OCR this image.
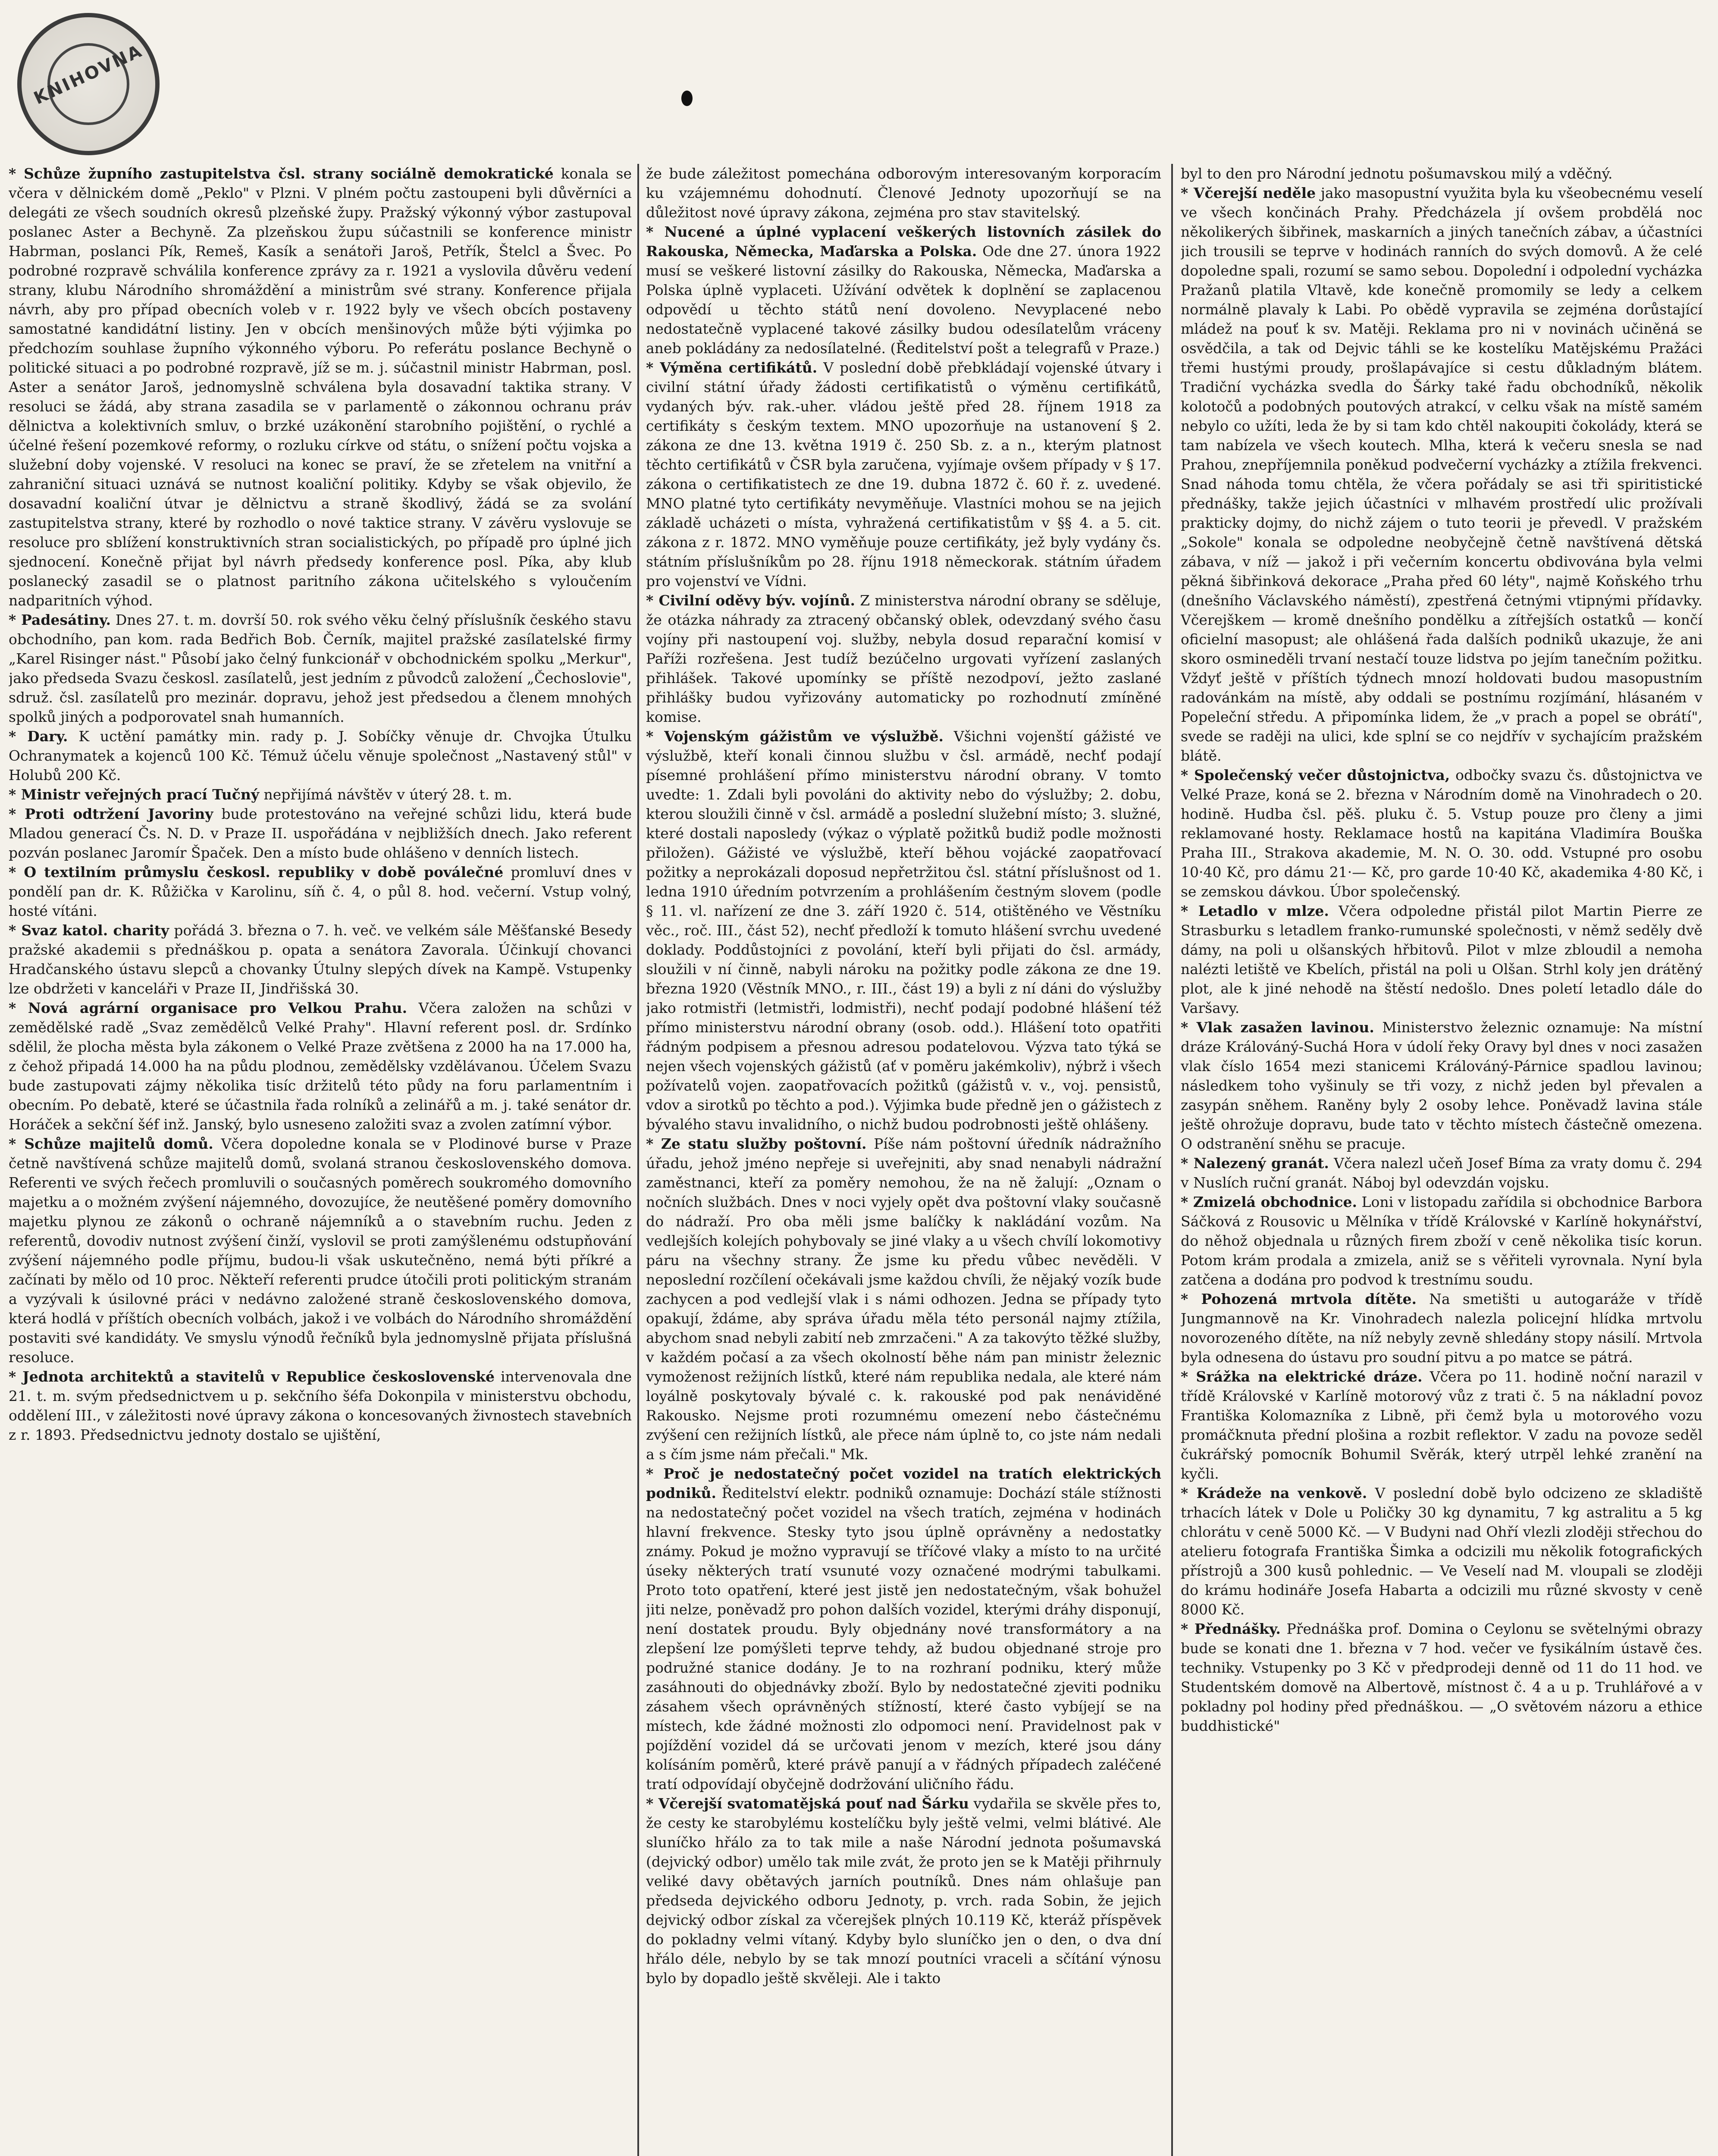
KNIHOVNA

* Schůze župního zastupitelstva čsl. strany sociálně demokratické konala se včera v dělnickém domě „Peklo" v Plzni. V plném počtu zastoupeni byli důvěrníci a delegáti ze všech soudních okresů plzeňské župy. Pražský výkonný výbor zastupoval poslanec Aster a Bechyně. Za plzeňskou župu súčastnili se konference ministr Habrman, poslanci Pík, Remeš, Kasík a senátoři Jaroš, Petřík, Štelcl a Švec. Po podrobné rozpravě schválila konference zprávy za r. 1921 a vyslovila důvěru vedení strany, klubu Národního shromáždění a ministrům své strany. Konference přijala návrh, aby pro případ obecních voleb v r. 1922 byly ve všech obcích postaveny samostatné kandidátní listiny. Jen v obcích menšinových může býti výjimka po předchozím souhlase župního výkonného výboru. Po referátu poslance Bechyně o politické situaci a po podrobné rozpravě, jíž se m. j. súčastnil ministr Habrman, posl. Aster a senátor Jaroš, jednomyslně schválena byla dosavadní taktika strany. V resoluci se žádá, aby strana zasadila se v parlamentě o zákonnou ochranu práv dělnictva a kolektivních smluv, o brzké uzákonění starobního pojištění, o rychlé a účelné řešení pozemkové reformy, o rozluku církve od státu, o snížení počtu vojska a služební doby vojenské. V resoluci na konec se praví, že se zřetelem na vnitřní a zahraniční situaci uznává se nutnost koaliční politiky. Kdyby se však objevilo, že dosavadní koaliční útvar je dělnictvu a straně škodlivý, žádá se za svolání zastupitelstva strany, které by rozhodlo o nové taktice strany. V závěru vyslovuje se resoluce pro sblížení konstruktivních stran socialistických, po případě pro úplné jich sjednocení. Konečně přijat byl návrh předsedy konference posl. Píka, aby klub poslanecký zasadil se o platnost paritního zákona učitelského s vyloučením nadparitních výhod.

* Padesátiny. Dnes 27. t. m. dovrší 50. rok svého věku čelný příslušník českého stavu obchodního, pan kom. rada Bedřich Bob. Černík, majitel pražské zasílatelské firmy „Karel Risinger nást." Působí jako čelný funkcionář v obchodnickém spolku „Merkur", jako předseda Svazu českosl. zasílatelů, jest jedním z původců založení „Čechoslovie", sdruž. čsl. zasílatelů pro mezinár. dopravu, jehož jest předsedou a členem mnohých spolků jiných a podporovatel snah humanních.

* Dary. K uctění památky min. rady p. J. Sobíčky věnuje dr. Chvojka Útulku Ochranymatek a kojenců 100 Kč. Témuž účelu věnuje společnost „Nastavený stůl" v Holubů 200 Kč.

* Ministr veřejných prací Tučný nepřijímá návštěv v úterý 28. t. m.

* Proti odtržení Javoriny bude protestováno na veřejné schůzi lidu, která bude Mladou generací Čs. N. D. v Praze II. uspořádána v nejbližších dnech. Jako referent pozván poslanec Jaromír Špaček. Den a místo bude ohlášeno v denních listech.

* O textilním průmyslu českosl. republiky v době poválečné promluví dnes v pondělí pan dr. K. Růžička v Karolinu, síň č. 4, o půl 8. hod. večerní. Vstup volný, hosté vítáni.

* Svaz katol. charity pořádá 3. března o 7. h. več. ve velkém sále Měšťanské Besedy pražské akademii s přednáškou p. opata a senátora Zavorala. Účinkují chovanci Hradčanského ústavu slepců a chovanky Útulny slepých dívek na Kampě. Vstupenky lze obdržeti v kanceláři v Praze II, Jindřišská 30.

* Nová agrární organisace pro Velkou Prahu. Včera založen na schůzi v zemědělské radě „Svaz zemědělců Velké Prahy". Hlavní referent posl. dr. Srdínko sdělil, že plocha města byla zákonem o Velké Praze zvětšena z 2000 ha na 17.000 ha, z čehož připadá 14.000 ha na půdu plodnou, zemědělsky vzdělávanou. Účelem Svazu bude zastupovati zájmy několika tisíc držitelů této půdy na foru parlamentním i obecním. Po debatě, které se účastnila řada rolníků a zelinářů a m. j. také senátor dr. Horáček a sekční šéf inž. Janský, bylo usneseno založiti svaz a zvolen zatímní výbor.

* Schůze majitelů domů. Včera dopoledne konala se v Plodinové burse v Praze četně navštívená schůze majitelů domů, svolaná stranou československého domova. Referenti ve svých řečech promluvili o současných poměrech soukromého domovního majetku a o možném zvýšení nájemného, dovozujíce, že neutěšené poměry domovního majetku plynou ze zákonů o ochraně nájemníků a o stavebním ruchu. Jeden z referentů, dovodiv nutnost zvýšení činží, vyslovil se proti zamýšlenému odstupňování zvýšení nájemného podle příjmu, budou-li však uskutečněno, nemá býti příkré a začínati by mělo od 10 proc. Někteří referenti prudce útočili proti politickým stranám a vyzývali k úsilovné práci v nedávno založené straně československého domova, která hodlá v příštích obecních volbách, jakož i ve volbách do Národního shromáždění postaviti své kandidáty. Ve smyslu výnodů řečníků byla jednomyslně přijata příslušná resoluce.

* Jednota architektů a stavitelů v Republice československé intervenovala dne 21. t. m. svým předsednictvem u p. sekčního šéfa Dokonpila v ministerstvu obchodu, oddělení III., v záležitosti nové úpravy zákona o koncesovaných živnostech stavebních z r. 1893. Předsednictvu jednoty dostalo se ujištění,

že bude záležitost pomechána odborovým interesovaným korporacím ku vzájemnému dohodnutí. Členové Jednoty upozorňují se na důležitost nové úpravy zákona, zejména pro stav stavitelský.

* Nucené a úplné vyplacení veškerých listovních zásilek do Rakouska, Německa, Maďarska a Polska. Ode dne 27. února 1922 musí se veškeré listovní zásilky do Rakouska, Německa, Maďarska a Polska úplně vyplaceti. Užívání odvětek k doplnění se zaplacenou odpovědí u těchto států není dovoleno. Nevyplacené nebo nedostatečně vyplacené takové zásilky budou odesílatelům vráceny aneb pokládány za nedosílatelné. (Ředitelství pošt a telegrafů v Praze.)

* Výměna certifikátů. V poslední době přebkládají vojenské útvary i civilní státní úřady žádosti certifikatistů o výměnu certifikátů, vydaných býv. rak.-uher. vládou ještě před 28. říjnem 1918 za certifikáty s českým textem. MNO upozorňuje na ustanovení § 2. zákona ze dne 13. května 1919 č. 250 Sb. z. a n., kterým platnost těchto certifikátů v ČSR byla zaručena, vyjímaje ovšem případy v § 17. zákona o certifikatistech ze dne 19. dubna 1872 č. 60 ř. z. uvedené. MNO platné tyto certifikáty nevyměňuje. Vlastníci mohou se na jejich základě ucházeti o místa, vyhražená certifikatistům v §§ 4. a 5. cit. zákona z r. 1872. MNO vyměňuje pouze certifikáty, jež byly vydány čs. státním příslušníkům po 28. říjnu 1918 německorak. státním úřadem pro vojenství ve Vídni.

* Civilní oděvy býv. vojínů. Z ministerstva národní obrany se sděluje, že otázka náhrady za ztracený občanský oblek, odevzdaný svého času vojíny při nastoupení voj. služby, nebyla dosud reparační komisí v Paříži rozřešena. Jest tudíž bezúčelno urgovati vyřízení zaslaných přihlášek. Takové upomínky se příště nezodpoví, ježto zaslané přihlášky budou vyřizovány automaticky po rozhodnutí zmíněné komise.

* Vojenským gážistům ve výslužbě. Všichni vojenští gážisté ve výslužbě, kteří konali činnou službu v čsl. armádě, nechť podají písemné prohlášení přímo ministerstvu národní obrany. V tomto uvedte: 1. Zdali byli povoláni do aktivity nebo do výslužby; 2. dobu, kterou sloužili činně v čsl. armádě a poslední služební místo; 3. služné, které dostali naposledy (výkaz o výplatě požitků budiž podle možnosti přiložen). Gážisté ve výslužbě, kteří běhou vojácké zaopatřovací požitky a neprokázali doposud nepřetržitou čsl. státní příslušnost od 1. ledna 1910 úředním potvrzením a prohlášením čestným slovem (podle § 11. vl. nařízení ze dne 3. září 1920 č. 514, otištěného ve Věstníku věc., roč. III., část 52), nechť předloží k tomuto hlášení svrchu uvedené doklady. Poddůstojníci z povolání, kteří byli přijati do čsl. armády, sloužili v ní činně, nabyli nároku na požitky podle zákona ze dne 19. března 1920 (Věstník MNO., r. III., část 19) a byli z ní dáni do výslužby jako rotmistři (letmistři, lodmistři), nechť podají podobné hlášení též přímo ministerstvu národní obrany (osob. odd.). Hlášení toto opatřiti řádným podpisem a přesnou adresou podatelovou. Výzva tato týká se nejen všech vojenských gážistů (ať v poměru jakémkoliv), nýbrž i všech požívatelů vojen. zaopatřovacích požitků (gážistů v. v., voj. pensistů, vdov a sirotků po těchto a pod.). Výjimka bude předně jen o gážistech z bývalého stavu invalidního, o nichž budou podrobnosti ještě ohlášeny.

* Ze statu služby poštovní. Píše nám poštovní úředník nádražního úřadu, jehož jméno nepřeje si uveřejniti, aby snad nenabyli nádražní zaměstnanci, kteří za poměry nemohou, že na ně žalují: „Oznam o nočních službách. Dnes v noci vyjely opět dva poštovní vlaky současně do nádraží. Pro oba měli jsme balíčky k nakládání vozům. Na vedlejších kolejích pohybovaly se jiné vlaky a u všech chvílí lokomotivy páru na všechny strany. Že jsme ku předu vůbec nevěděli. V neposlední rozčílení očekávali jsme každou chvíli, že nějaký vozík bude zachycen a pod vedlejší vlak i s námi odhozen. Jedna se případy tyto opakují, ždáme, aby správa úřadu měla této personál najmy ztížila, abychom snad nebyli zabití neb zmrzačeni." A za takovýto těžké služby, v každém počasí a za všech okolností běhe nám pan ministr železnic vymoženost režijních lístků, které nám republika nedala, ale které nám loyálně poskytovaly bývalé c. k. rakouské pod pak nenáviděné Rakousko. Nejsme proti rozumnému omezení nebo částečnému zvýšení cen režijních lístků, ale přece nám úplně to, co jste nám nedali a s čím jsme nám přečali." Mk.

* Proč je nedostatečný počet vozidel na tratích elektrických podniků. Ředitelství elektr. podniků oznamuje: Dochází stále stížnosti na nedostatečný počet vozidel na všech tratích, zejména v hodinách hlavní frekvence. Stesky tyto jsou úplně oprávněny a nedostatky známy. Pokud je možno vypravují se tříčové vlaky a místo to na určité úseky některých tratí vsunuté vozy označené modrými tabulkami. Proto toto opatření, které jest jistě jen nedostatečným, však bohužel jiti nelze, poněvadž pro pohon dalších vozidel, kterými dráhy disponují, není dostatek proudu. Byly objednány nové transformátory a na zlepšení lze pomýšleti teprve tehdy, až budou objednané stroje pro podružné stanice dodány. Je to na rozhraní podniku, který může zasáhnouti do objednávky zboží. Bylo by nedostatečné zjeviti podniku zásahem všech oprávněných stížností, které často vybíjejí se na místech, kde žádné možnosti zlo odpomoci není. Pravidelnost pak v pojíždění vozidel dá se určovati jenom v mezích, které jsou dány kolísáním poměrů, které právě panují a v řádných případech zaléčené tratí odpovídají obyčejně dodržování uličního řádu.

* Včerejší svatomatějská pouť nad Šárku vydařila se skvěle přes to, že cesty ke starobylému kostelíčku byly ještě velmi, velmi blátivé. Ale sluníčko hřálo za to tak mile a naše Národní jednota pošumavská (dejvický odbor) umělo tak mile zvát, že proto jen se k Matěji přihrnuly veliké davy obětavých jarních poutníků. Dnes nám ohlašuje pan předseda dejvického odboru Jednoty, p. vrch. rada Sobin, že jejich dejvický odbor získal za včerejšek plných 10.119 Kč, kteráž příspěvek do pokladny velmi vítaný. Kdyby bylo sluníčko jen o den, o dva dní hřálo déle, nebylo by se tak mnozí poutníci vraceli a sčítání výnosu bylo by dopadlo ještě skvěleji. Ale i takto

byl to den pro Národní jednotu pošumavskou milý a vděčný.

* Včerejší neděle jako masopustní využita byla ku všeobecnému veselí ve všech končinách Prahy. Předcházela jí ovšem probdělá noc několikerých šibřinek, maskarních a jiných tanečních zábav, a účastníci jich trousili se teprve v hodinách ranních do svých domovů. A že celé dopoledne spali, rozumí se samo sebou. Dopolední i odpolední vycházka Pražanů platila Vltavě, kde konečně promomily se ledy a celkem normálně plavaly k Labi. Po obědě vypravila se zejména dorůstající mládež na pouť k sv. Matěji. Reklama pro ni v novinách učiněná se osvědčila, a tak od Dejvic táhli se ke kostelíku Matějskému Pražáci třemi hustými proudy, prošlapávajíce si cestu důkladným blátem. Tradiční vycházka svedla do Šárky také řadu obchodníků, několik kolotočů a podobných poutových atrakcí, v celku však na místě samém nebylo co užíti, leda že by si tam kdo chtěl nakoupiti čokolády, která se tam nabízela ve všech koutech. Mlha, která k večeru snesla se nad Prahou, znepříjemnila poněkud podvečerní vycházky a ztížila frekvenci. Snad náhoda tomu chtěla, že včera pořádaly se asi tři spiritistické přednášky, takže jejich účastníci v mlhavém prostředí ulic prožívali prakticky dojmy, do nichž zájem o tuto teorii je převedl. V pražském „Sokole" konala se odpoledne neobyčejně četně navštívená dětská zábava, v níž — jakož i při večerním koncertu obdivována byla velmi pěkná šibřinková dekorace „Praha před 60 léty", najmě Koňského trhu (dnešního Václavského náměstí), zpestřená četnými vtipnými přídavky. Včerejškem — kromě dnešního pondělku a zítřejších ostatků — končí oficielní masopust; ale ohlášená řada dalších podniků ukazuje, že ani skoro osmineděli trvaní nestačí touze lidstva po jejím tanečním požitku. Vždyť ještě v příštích týdnech mnozí holdovati budou masopustním radovánkám na místě, aby oddali se postnímu rozjímání, hlásaném v Popeleční středu. A připomínka lidem, že „v prach a popel se obrátí", svede se raději na ulici, kde splní se co nejdřív v sychajícím pražském blátě.

* Společenský večer důstojnictva, odbočky svazu čs. důstojnictva ve Velké Praze, koná se 2. března v Národním domě na Vinohradech o 20. hodině. Hudba čsl. pěš. pluku č. 5. Vstup pouze pro členy a jimi reklamované hosty. Reklamace hostů na kapitána Vladimíra Bouška Praha III., Strakova akademie, M. N. O. 30. odd. Vstupné pro osobu 10·40 Kč, pro dámu 21·— Kč, pro garde 10·40 Kč, akademika 4·80 Kč, i se zemskou dávkou. Úbor společenský.

* Letadlo v mlze. Včera odpoledne přistál pilot Martin Pierre ze Strasburku s letadlem franko-rumunské společnosti, v němž seděly dvě dámy, na poli u olšanských hřbitovů. Pilot v mlze zbloudil a nemoha nalézti letiště ve Kbelích, přistál na poli u Olšan. Strhl koly jen drátěný plot, ale k jiné nehodě na štěstí nedošlo. Dnes poletí letadlo dále do Varšavy.

* Vlak zasažen lavinou. Ministerstvo železnic oznamuje: Na místní dráze Králováný-Suchá Hora v údolí řeky Oravy byl dnes v noci zasažen vlak číslo 1654 mezi stanicemi Králováný-Párnice spadlou lavinou; následkem toho vyšinuly se tři vozy, z nichž jeden byl převalen a zasypán sněhem. Raněny byly 2 osoby lehce. Poněvadž lavina stále ještě ohrožuje dopravu, bude tato v těchto místech částečně omezena. O odstranění sněhu se pracuje.

* Nalezený granát. Včera nalezl učeň Josef Bíma za vraty domu č. 294 v Nuslích ruční granát. Náboj byl odevzdán vojsku.

* Zmizelá obchodnice. Loni v listopadu zařídila si obchodnice Barbora Sáčková z Rousovic u Mělníka v třídě Královské v Karlíně hokynářství, do něhož objednala u různých firem zboží v ceně několika tisíc korun. Potom krám prodala a zmizela, aniž se s věřiteli vyrovnala. Nyní byla zatčena a dodána pro podvod k trestnímu soudu.

* Pohozená mrtvola dítěte. Na smetišti u autogaráže v třídě Jungmannově na Kr. Vinohradech nalezla policejní hlídka mrtvolu novorozeného dítěte, na níž nebyly zevně shledány stopy násilí. Mrtvola byla odnesena do ústavu pro soudní pitvu a po matce se pátrá.

* Srážka na elektrické dráze. Včera po 11. hodině noční narazil v třídě Královské v Karlíně motorový vůz z trati č. 5 na nákladní povoz Františka Kolomazníka z Libně, při čemž byla u motorového vozu promáčknuta přední plošina a rozbit reflektor. V zadu na povoze seděl čukrářský pomocník Bohumil Svěrák, který utrpěl lehké zranění na kyčli.

* Krádeže na venkově. V poslední době bylo odcizeno ze skladiště trhacích látek v Dole u Poličky 30 kg dynamitu, 7 kg astralitu a 5 kg chlorátu v ceně 5000 Kč. — V Budyni nad Ohří vlezli zloději střechou do atelieru fotografa Františka Šimka a odcizili mu několik fotografických přístrojů a 300 kusů pohlednic. — Ve Veselí nad M. vloupali se zloději do krámu hodináře Josefa Habarta a odcizili mu různé skvosty v ceně 8000 Kč.

* Přednášky. Přednáška prof. Domina o Ceylonu se světelnými obrazy bude se konati dne 1. března v 7 hod. večer ve fysikálním ústavě čes. techniky. Vstupenky po 3 Kč v předprodeji denně od 11 do 11 hod. ve Studentském domově na Albertově, místnost č. 4 a u p. Truhlářové a v pokladny pol hodiny před přednáškou. — „O světovém názoru a ethice buddhistické"
